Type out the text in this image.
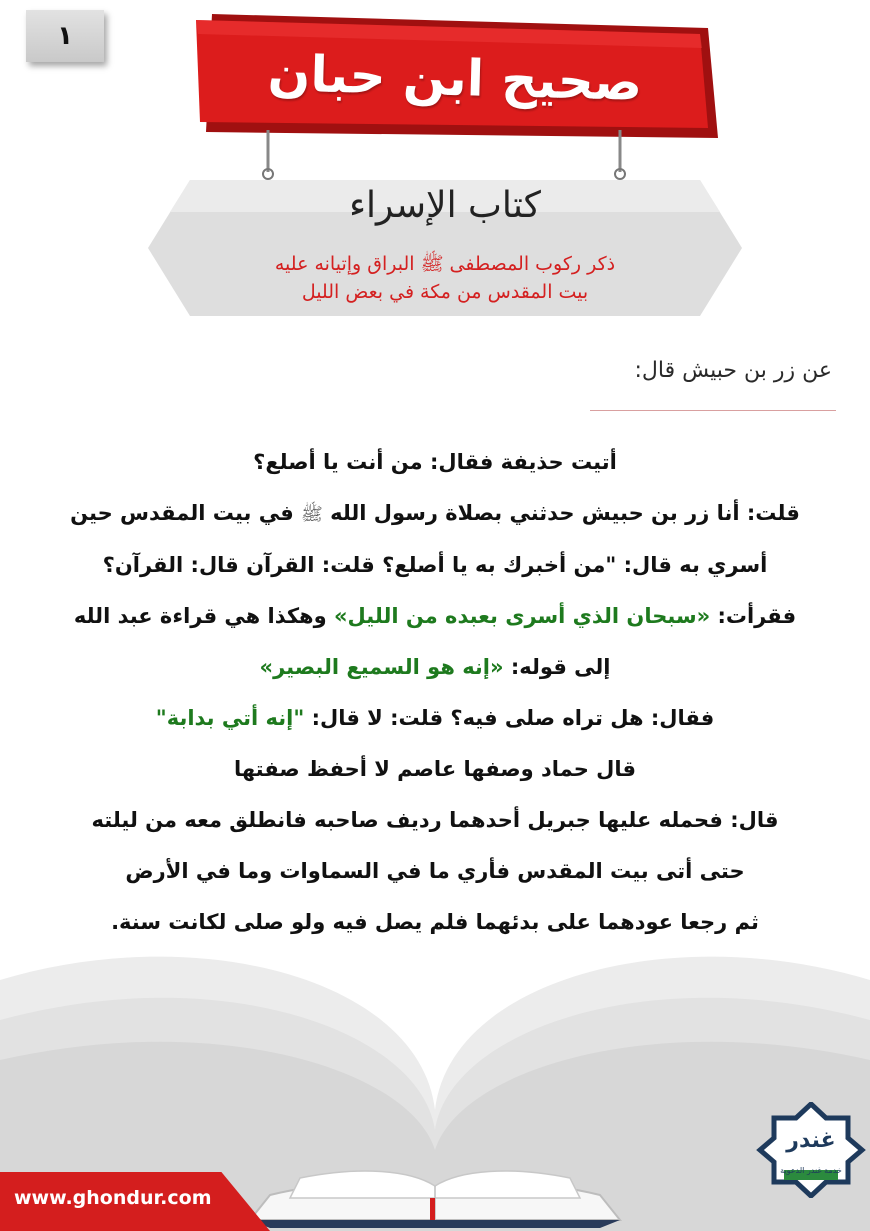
١
صحيح ابن حبان
كتاب الإسراء
ذكر ركوب المصطفى ﷺ البراق وإتيانه عليه
بيت المقدس من مكة في بعض الليل
عن زر بن حبيش قال:

أتيت حذيفة فقال: من أنت يا أصلع؟

قلت: أنا زر بن حبيش حدثني بصلاة رسول الله ﷺ في بيت المقدس حين

أسري به قال: "من أخبرك به يا أصلع؟ قلت: القرآن قال: القرآن؟

فقرأت: «سبحان الذي أسرى بعبده من الليل» وهكذا هي قراءة عبد الله

إلى قوله: «إنه هو السميع البصير»

فقال: هل تراه صلى فيه؟ قلت: لا قال: "إنه أتي بدابة"

قال حماد وصفها عاصم لا أحفظ صفتها

قال: فحمله عليها جبريل أحدهما رديف صاحبه فانطلق معه من ليلته

حتى أتى بيت المقدس فأري ما في السماوات وما في الأرض

ثم رجعا عودهما على بدئهما فلم يصل فيه ولو صلى لكانت سنة.

www.ghondur.com
غندر
خدمة غندر الدعوية
